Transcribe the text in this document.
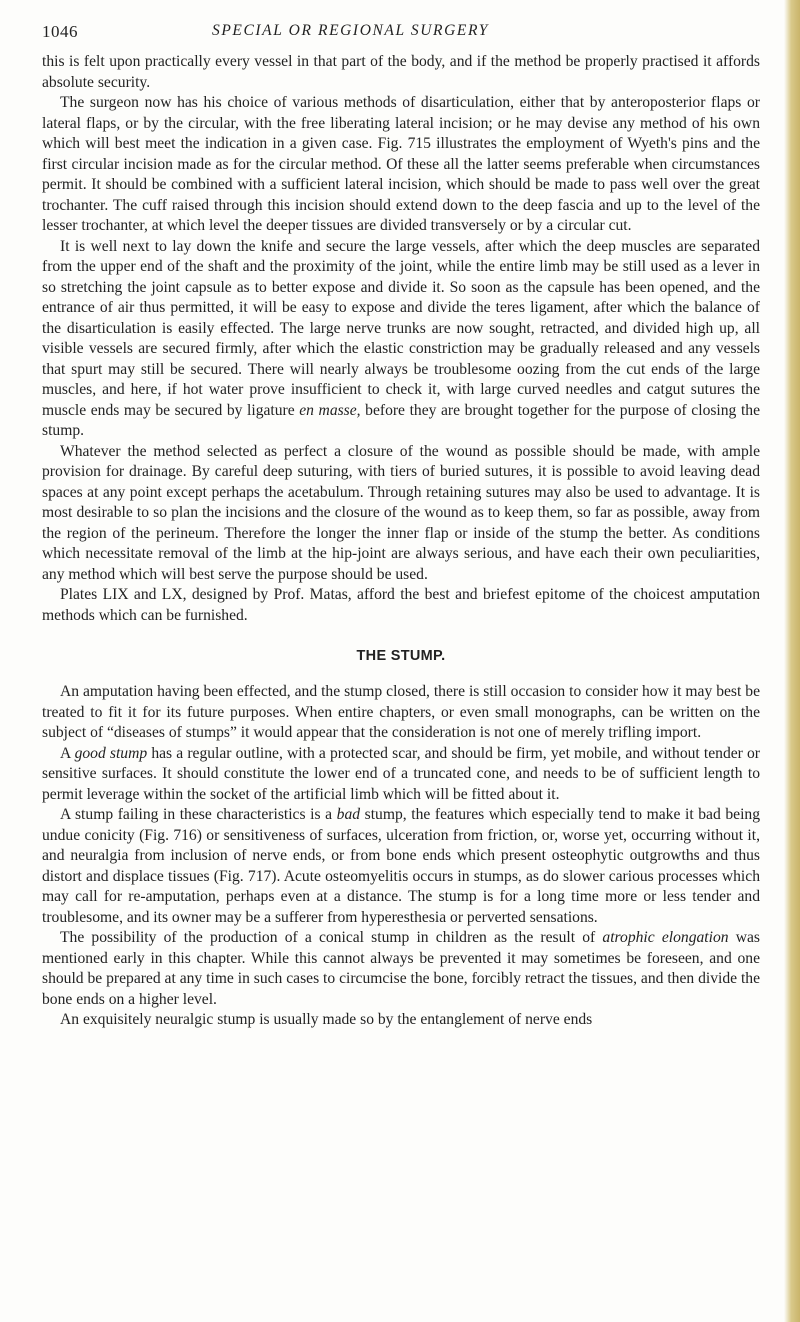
1046	SPECIAL OR REGIONAL SURGERY

this is felt upon practically every vessel in that part of the body, and if the method be properly practised it affords absolute security.

The surgeon now has his choice of various methods of disarticulation, either that by anteroposterior flaps or lateral flaps, or by the circular, with the free liberating lateral incision; or he may devise any method of his own which will best meet the indication in a given case. Fig. 715 illustrates the employment of Wyeth's pins and the first circular incision made as for the circular method. Of these all the latter seems preferable when circumstances permit. It should be combined with a sufficient lateral incision, which should be made to pass well over the great trochanter. The cuff raised through this incision should extend down to the deep fascia and up to the level of the lesser trochanter, at which level the deeper tissues are divided transversely or by a circular cut.

It is well next to lay down the knife and secure the large vessels, after which the deep muscles are separated from the upper end of the shaft and the proximity of the joint, while the entire limb may be still used as a lever in so stretching the joint capsule as to better expose and divide it. So soon as the capsule has been opened, and the entrance of air thus permitted, it will be easy to expose and divide the teres ligament, after which the balance of the disarticulation is easily effected. The large nerve trunks are now sought, retracted, and divided high up, all visible vessels are secured firmly, after which the elastic constriction may be gradually released and any vessels that spurt may still be secured. There will nearly always be troublesome oozing from the cut ends of the large muscles, and here, if hot water prove insufficient to check it, with large curved needles and catgut sutures the muscle ends may be secured by ligature en masse, before they are brought together for the purpose of closing the stump.

Whatever the method selected as perfect a closure of the wound as possible should be made, with ample provision for drainage. By careful deep suturing, with tiers of buried sutures, it is possible to avoid leaving dead spaces at any point except perhaps the acetabulum. Through retaining sutures may also be used to advantage. It is most desirable to so plan the incisions and the closure of the wound as to keep them, so far as possible, away from the region of the perineum. Therefore the longer the inner flap or inside of the stump the better. As conditions which necessitate removal of the limb at the hip-joint are always serious, and have each their own peculiarities, any method which will best serve the purpose should be used.

Plates LIX and LX, designed by Prof. Matas, afford the best and briefest epitome of the choicest amputation methods which can be furnished.

THE STUMP.

An amputation having been effected, and the stump closed, there is still occasion to consider how it may best be treated to fit it for its future purposes. When entire chapters, or even small monographs, can be written on the subject of “diseases of stumps” it would appear that the consideration is not one of merely trifling import.

A good stump has a regular outline, with a protected scar, and should be firm, yet mobile, and without tender or sensitive surfaces. It should constitute the lower end of a truncated cone, and needs to be of sufficient length to permit leverage within the socket of the artificial limb which will be fitted about it.

A stump failing in these characteristics is a bad stump, the features which especially tend to make it bad being undue conicity (Fig. 716) or sensitiveness of surfaces, ulceration from friction, or, worse yet, occurring without it, and neuralgia from inclusion of nerve ends, or from bone ends which present osteophytic outgrowths and thus distort and displace tissues (Fig. 717). Acute osteomyelitis occurs in stumps, as do slower carious processes which may call for re-amputation, perhaps even at a distance. The stump is for a long time more or less tender and troublesome, and its owner may be a sufferer from hyperesthesia or perverted sensations.

The possibility of the production of a conical stump in children as the result of atrophic elongation was mentioned early in this chapter. While this cannot always be prevented it may sometimes be foreseen, and one should be prepared at any time in such cases to circumcise the bone, forcibly retract the tissues, and then divide the bone ends on a higher level.

An exquisitely neuralgic stump is usually made so by the entanglement of nerve ends
